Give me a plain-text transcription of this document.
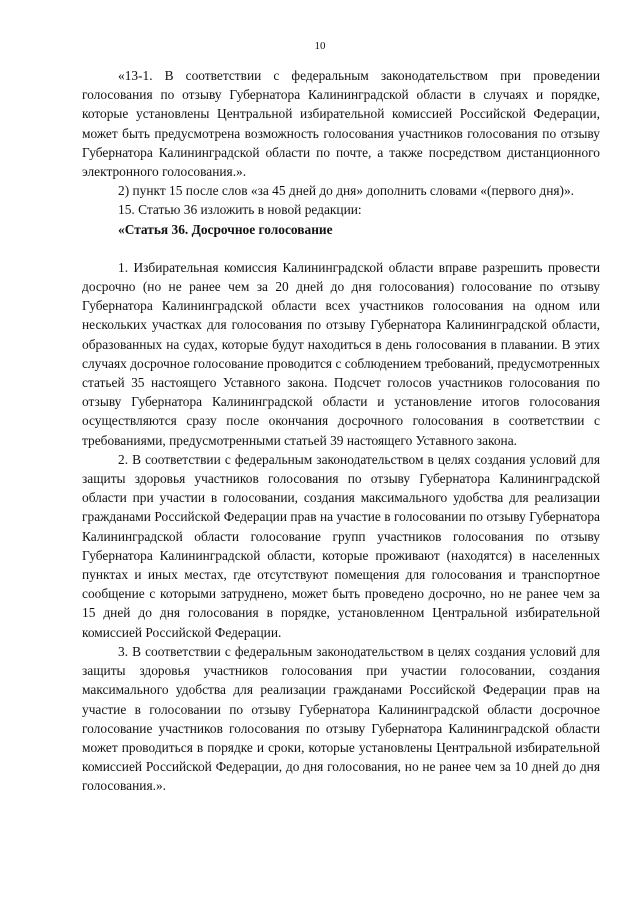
10

«13-1. В соответствии с федеральным законодательством при проведении голосования по отзыву Губернатора Калининградской области в случаях и порядке, которые установлены Центральной избирательной комиссией Российской Федерации, может быть предусмотрена возможность голосования участников голосования по отзыву Губернатора Калининградской области по почте, а также посредством дистанционного электронного голосования.».

2) пункт 15 после слов «за 45 дней до дня» дополнить словами «(первого дня)».

15. Статью 36 изложить в новой редакции:

«Статья 36. Досрочное голосование

1. Избирательная комиссия Калининградской области вправе разрешить провести досрочно (но не ранее чем за 20 дней до дня голосования) голосование по отзыву Губернатора Калининградской области всех участников голосования на одном или нескольких участках для голосования по отзыву Губернатора Калининградской области, образованных на судах, которые будут находиться в день голосования в плавании. В этих случаях досрочное голосование проводится с соблюдением требований, предусмотренных статьей 35 настоящего Уставного закона. Подсчет голосов участников голосования по отзыву Губернатора Калининградской области и установление итогов голосования осуществляются сразу после окончания досрочного голосования в соответствии с требованиями, предусмотренными статьей 39 настоящего Уставного закона.

2. В соответствии с федеральным законодательством в целях создания условий для защиты здоровья участников голосования по отзыву Губернатора Калининградской области при участии в голосовании, создания максимального удобства для реализации гражданами Российской Федерации прав на участие в голосовании по отзыву Губернатора Калининградской области голосование групп участников голосования по отзыву Губернатора Калининградской области, которые проживают (находятся) в населенных пунктах и иных местах, где отсутствуют помещения для голосования и транспортное сообщение с которыми затруднено, может быть проведено досрочно, но не ранее чем за 15 дней до дня голосования в порядке, установленном Центральной избирательной комиссией Российской Федерации.

3. В соответствии с федеральным законодательством в целях создания условий для защиты здоровья участников голосования при участии голосовании, создания максимального удобства для реализации гражданами Российской Федерации прав на участие в голосовании по отзыву Губернатора Калининградской области досрочное голосование участников голосования по отзыву Губернатора Калининградской области может проводиться в порядке и сроки, которые установлены Центральной избирательной комиссией Российской Федерации, до дня голосования, но не ранее чем за 10 дней до дня голосования.».
